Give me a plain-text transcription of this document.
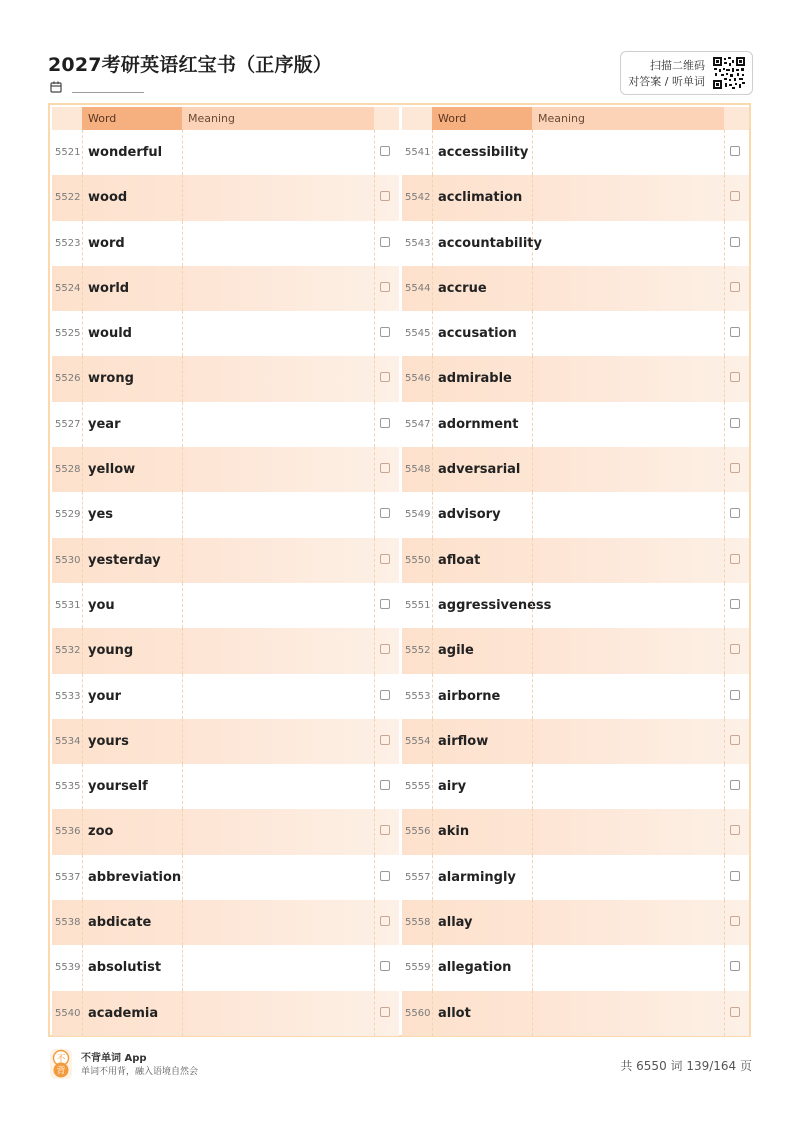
2027考研英语红宝书（正序版）	扫描二维码
对答案 / 听单词
Word	Meaning
5521 wonderful
5522 wood
5523 word
5524 world
5525 would
5526 wrong
5527 year
5528 yellow
5529 yes
5530 yesterday
5531 you
5532 young
5533 your
5534 yours
5535 yourself
5536 zoo
5537 abbreviation
5538 abdicate
5539 absolutist
5540 academia
Word	Meaning
5541 accessibility
5542 acclimation
5543 accountability
5544 accrue
5545 accusation
5546 admirable
5547 adornment
5548 adversarial
5549 advisory
5550 afloat
5551 aggressiveness
5552 agile
5553 airborne
5554 airflow
5555 airy
5556 akin
5557 alarmingly
5558 allay
5559 allegation
5560 allot
不
背
不背单词 App
单词不用背，融入语境自然会	共 6550 词 139/164 页
